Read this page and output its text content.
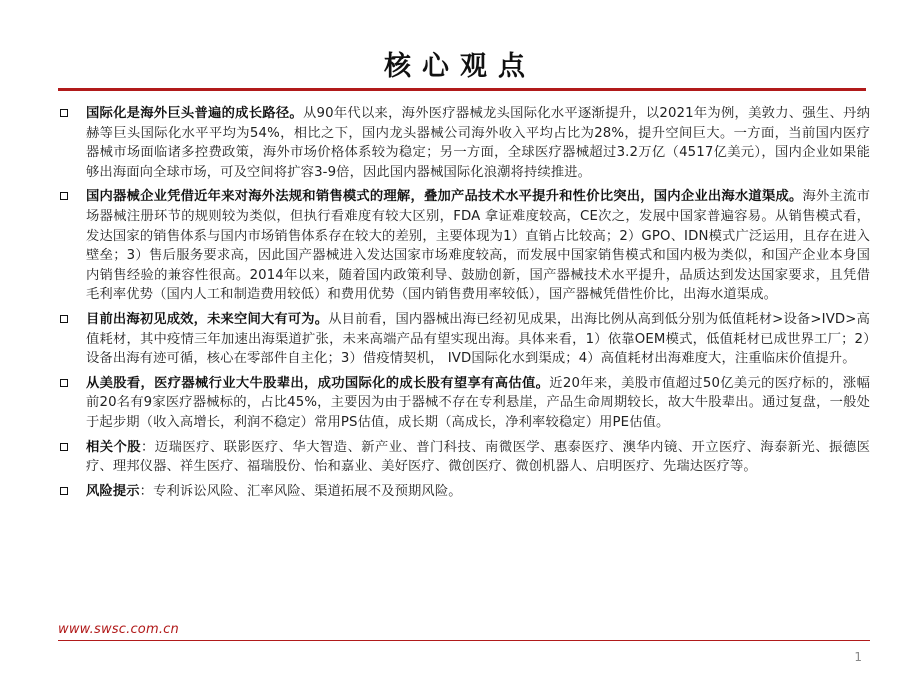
核心观点
国际化是海外巨头普遍的成长路径。从90年代以来，海外医疗器械龙头国际化水平逐渐提升，以2021年为例，美敦力、强生、丹纳赫等巨头国际化水平平均为54%，相比之下，国内龙头器械公司海外收入平均占比为28%，提升空间巨大。一方面，当前国内医疗器械市场面临诸多控费政策，海外市场价格体系较为稳定；另一方面，全球医疗器械超过3.2万亿（4517亿美元），国内企业如果能够出海面向全球市场，可及空间将扩容3-9倍，因此国内器械国际化浪潮将持续推进。
国内器械企业凭借近年来对海外法规和销售模式的理解，叠加产品技术水平提升和性价比突出，国内企业出海水道渠成。海外主流市场器械注册环节的规则较为类似，但执行看难度有较大区别，FDA 拿证难度较高，CE次之，发展中国家普遍容易。从销售模式看，发达国家的销售体系与国内市场销售体系存在较大的差别，主要体现为1）直销占比较高；2）GPO、IDN模式广泛运用，且存在进入壁垒；3）售后服务要求高，因此国产器械进入发达国家市场难度较高，而发展中国家销售模式和国内极为类似，和国产企业本身国内销售经验的兼容性很高。2014年以来，随着国内政策利导、鼓励创新，国产器械技术水平提升，品质达到发达国家要求，且凭借毛利率优势（国内人工和制造费用较低）和费用优势（国内销售费用率较低），国产器械凭借性价比，出海水道渠成。
目前出海初见成效，未来空间大有可为。从目前看，国内器械出海已经初见成果，出海比例从高到低分别为低值耗材>设备>IVD>高值耗材，其中疫情三年加速出海渠道扩张，未来高端产品有望实现出海。具体来看，1）依靠OEM模式，低值耗材已成世界工厂；2）设备出海有迹可循，核心在零部件自主化；3）借疫情契机， IVD国际化水到渠成；4）高值耗材出海难度大，注重临床价值提升。
从美股看，医疗器械行业大牛股辈出，成功国际化的成长股有望享有高估值。近20年来，美股市值超过50亿美元的医疗标的，涨幅前20名有9家医疗器械标的，占比45%，主要因为由于器械不存在专利悬崖，产品生命周期较长，故大牛股辈出。通过复盘，一般处于起步期（收入高增长，利润不稳定）常用PS估值，成长期（高成长，净利率较稳定）用PE估值。
相关个股：迈瑞医疗、联影医疗、华大智造、新产业、普门科技、南微医学、惠泰医疗、澳华内镜、开立医疗、海泰新光、振德医疗、理邦仪器、祥生医疗、福瑞股份、怡和嘉业、美好医疗、微创医疗、微创机器人、启明医疗、先瑞达医疗等。
风险提示：专利诉讼风险、汇率风险、渠道拓展不及预期风险。
www.swsc.com.cn
1
